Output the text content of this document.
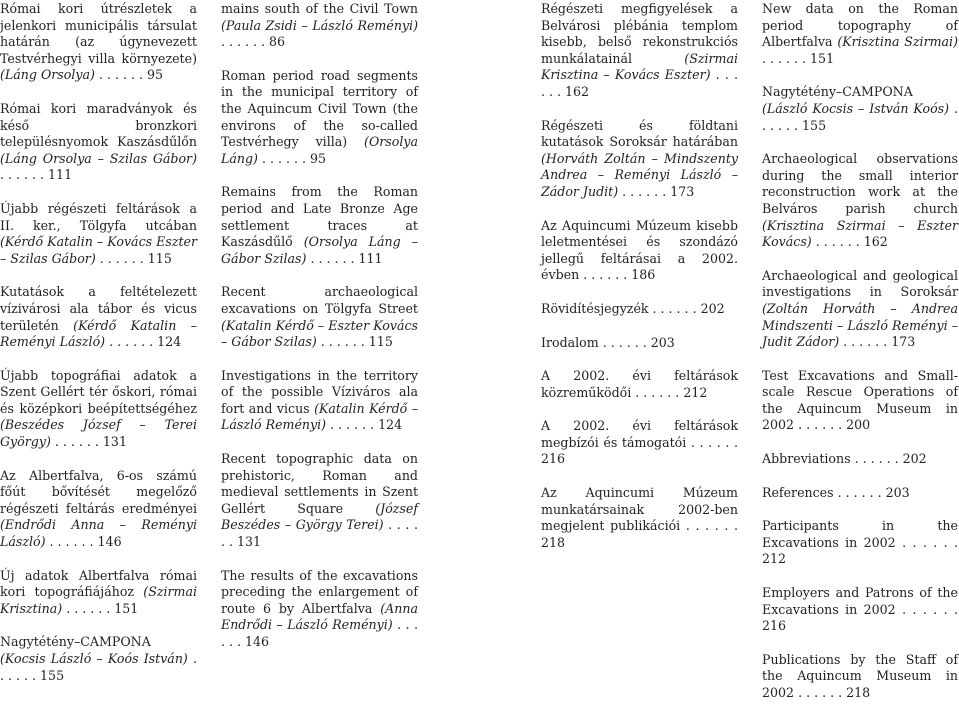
Római kori útrészletek a jelenkori municipális társulat határán (az úgynevezett Testvérhegyi villa környezete) (Láng Orsolya) . . . . . . 95
Római kori maradványok és késő bronzkori településnyomok Kaszásdűlőn (Láng Orsolya – Szilas Gábor) . . . . . . 111
Újabb régészeti feltárások a II. ker., Tölgyfa utcában (Kérdő Katalin – Kovács Eszter – Szilas Gábor) . . . . . . 115
Kutatások a feltételezett vízivárosi ala tábor és vicus területén (Kérdő Katalin – Reményi László) . . . . . . 124
Újabb topográfiai adatok a Szent Gellért tér őskori, római és középkori beépítettségéhez (Beszédes József – Terei György) . . . . . . 131
Az Albertfalva, 6-os számú főút bővítését megelőző régészeti feltárás eredményei (Endrődi Anna – Reményi László) . . . . . . 146
Új adatok Albertfalva római kori topográfiájához (Szirmai Krisztina) . . . . . . 151
Nagytétény–CAMPONA (Kocsis László – Koós István) . . . . . . 155
mains south of the Civil Town (Paula Zsidi – László Reményi) . . . . . . 86
Roman period road segments in the municipal territory of the Aquincum Civil Town (the environs of the so-called Testvérhegy villa) (Orsolya Láng) . . . . . . 95
Remains from the Roman period and Late Bronze Age settlement traces at Kaszásdűlő (Orsolya Láng – Gábor Szilas) . . . . . . 111
Recent archaeological excavations on Tölgyfa Street (Katalin Kérdő – Eszter Kovács – Gábor Szilas) . . . . . . 115
Investigations in the territory of the possible Víziváros ala fort and vicus (Katalin Kérdő – László Reményi) . . . . . . 124
Recent topographic data on prehistoric, Roman and medieval settlements in Szent Gellért Square (József Beszédes – György Terei) . . . . . . 131
The results of the excavations preceding the enlargement of route 6 by Albertfalva (Anna Endrődi – László Reményi) . . . . . . 146
Régészeti megfigyelések a Belvárosi plébánia templom kisebb, belső rekonstrukciós munkálatainál (Szirmai Krisztina – Kovács Eszter) . . . . . . 162
Régészeti és földtani kutatások Soroksár határában (Horváth Zoltán – Mindszenty Andrea – Reményi László – Zádor Judit) . . . . . . 173
Az Aquincumi Múzeum kisebb leletmentései és szondázó jellegű feltárásai a 2002. évben . . . . . . 186
Rövidítésjegyzék . . . . . . 202
Irodalom . . . . . . 203
A 2002. évi feltárások közreműködői . . . . . . 212
A 2002. évi feltárások megbízói és támogatói . . . . . . 216
Az Aquincumi Múzeum munkatársainak 2002-ben megjelent publikációi . . . . . . 218
New data on the Roman period topography of Albertfalva (Krisztina Szirmai) . . . . . . 151
Nagytétény–CAMPONA (László Kocsis – István Koós) . . . . . . 155
Archaeological observations during the small interior reconstruction work at the Belváros parish church (Krisztina Szirmai – Eszter Kovács) . . . . . . 162
Archaeological and geological investigations in Soroksár (Zoltán Horváth – Andrea Mindszenti – László Reményi – Judit Zádor) . . . . . . 173
Test Excavations and Small-scale Rescue Operations of the Aquincum Museum in 2002 . . . . . . 200
Abbreviations . . . . . . 202
References . . . . . . 203
Participants in the Excavations in 2002 . . . . . . 212
Employers and Patrons of the Excavations in 2002 . . . . . . 216
Publications by the Staff of the Aquincum Museum in 2002 . . . . . . 218
